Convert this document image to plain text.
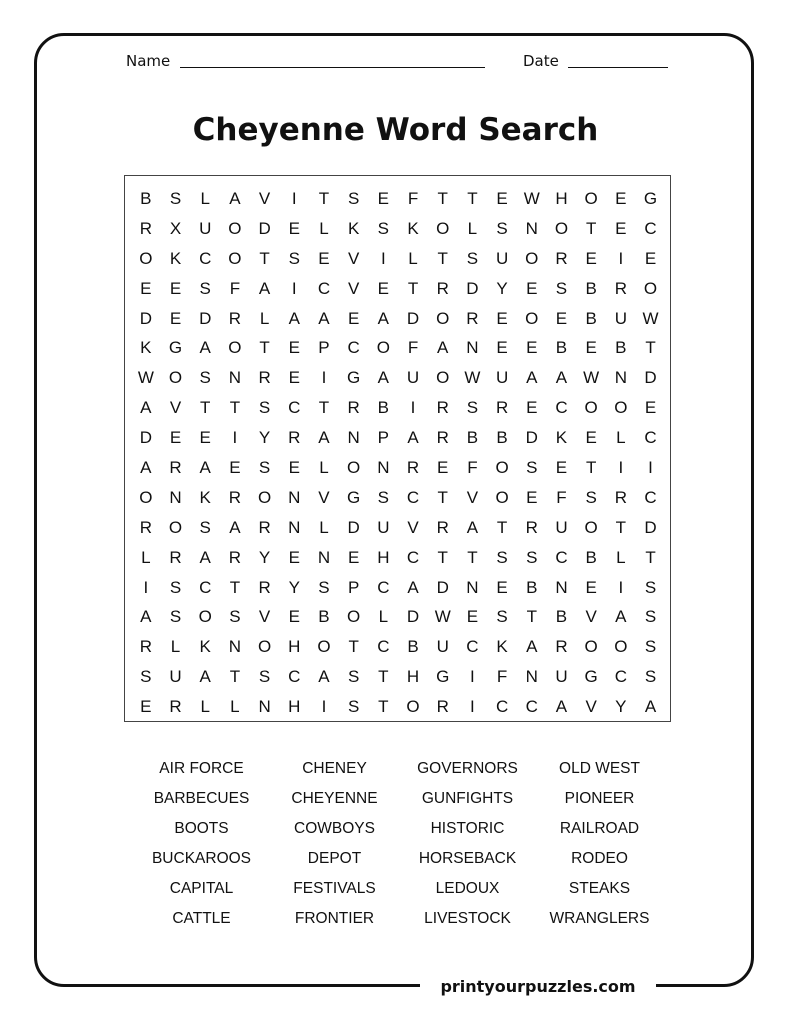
Name	Date
Cheyenne Word Search
B	S	L	A	V	I	T	S	E	F	T	T	E W H O	E	G
R	X	U O D	E	L	K	S	K	O	L	S	N O	T	E	C
O	K	C O	T	S	E	V	I	L	T	S	U O R	E	I	E
E	E	S	F	A	I	C	V	E	T	R	D	Y	E	S	B	R O
D	E	D	R	L	A	A	E	A	D O R	E	O	E	B	U W
K	G	A	O	T	E	P	C O	F	A	N	E	E	B	E	B	T
W O	S	N	R	E	I	G	A	U O W U	A	A W N	D
A	V	T	T	S	C	T	R	B	I	R	S	R	E	C O O	E
D	E	E	I	Y	R	A	N	P	A	R	B	B	D	K	E	L	C
A	R	A	E	S	E	L	O N	R	E	F	O	S	E	T	I	I
O N	K	R O N	V	G	S	C	T	V	O	E	F	S	R	C
R O	S	A	R	N	L	D	U	V	R	A	T	R	U O	T	D
L	R	A	R	Y	E	N	E	H	C	T	T	S	S	C	B	L	T
I	S	C	T	R	Y	S	P	C	A	D	N	E	B	N	E	I	S
A	S	O	S	V	E	B	O	L	D W E	S	T	B	V	A	S
R	L	K	N O H O	T	C	B	U	C	K	A	R O O	S
S	U	A	T	S	C	A	S	T	H G	I	F	N	U G C	S
E	R	L	L	N	H	I	S	T	O R	I	C	C	A	V	Y	A
AIR FORCE	CHENEY	GOVERNORS	OLD WEST
BARBECUES	CHEYENNE	GUNFIGHTS	PIONEER
BOOTS	COWBOYS	HISTORIC	RAILROAD
BUCKAROOS	DEPOT	HORSEBACK	RODEO
CAPITAL	FESTIVALS	LEDOUX	STEAKS
CATTLE	FRONTIER	LIVESTOCK	WRANGLERS
printyourpuzzles.com
